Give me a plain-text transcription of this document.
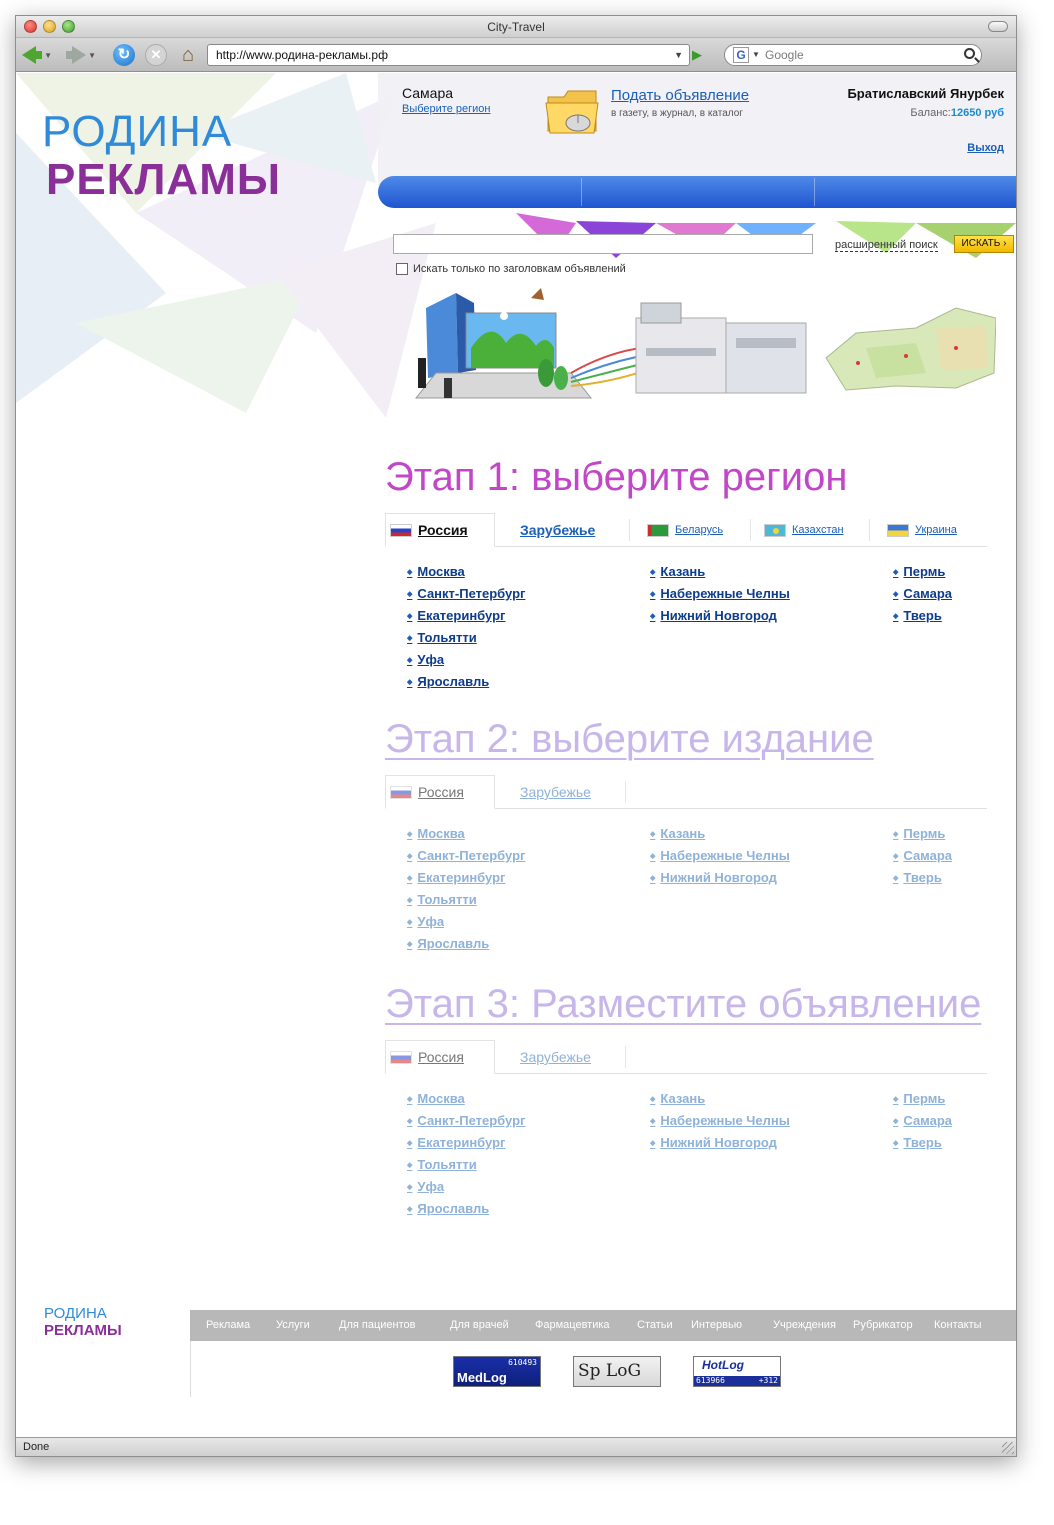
City-Travel
▼	▼	↻	✕ ⌂	http://www.родина-рекламы.рф	▼ ▶	G ▼ Google
РОДИНА
РЕКЛАМЫ
Самара
Выберите регион
Подать объявление
в газету, в журнал, в каталог
Братиславский Янурбек
Баланс:12650 руб
Выход
расширенный поиск	ИСКАТЬ ›
Искать только по заголовкам объявлений
Этап 1: выберите регион
Россия	Зарубежье	Беларусь	Казахстан	Украина
◆ Москва
◆ Санкт-Петербург
◆ Екатеринбург
◆ Тольятти
◆ Уфа
◆ Ярославль
◆ Казань
◆ Набережные Челны
◆ Нижний Новгород
◆ Пермь
◆ Самара
◆ Тверь
Этап 2: выберите издание
Россия	Зарубежье
◆ Москва
◆ Санкт-Петербург
◆ Екатеринбург
◆ Тольятти
◆ Уфа
◆ Ярославль
◆ Казань
◆ Набережные Челны
◆ Нижний Новгород
◆ Пермь
◆ Самара
◆ Тверь
Этап 3: Разместите объявление
Россия	Зарубежье
◆ Москва
◆ Санкт-Петербург
◆ Екатеринбург
◆ Тольятти
◆ Уфа
◆ Ярославль
◆ Казань
◆ Набережные Челны
◆ Нижний Новгород
◆ Пермь
◆ Самара
◆ Тверь
РОДИНА
РЕКЛАМЫ	Реклама Услуги	Для пациентов	Для врачей Фармацевтика Статьи Интервью	Учреждения Рубрикатор Контакты
610493
MedLog	Sp LoG	HotLog
613966	+312
Done
